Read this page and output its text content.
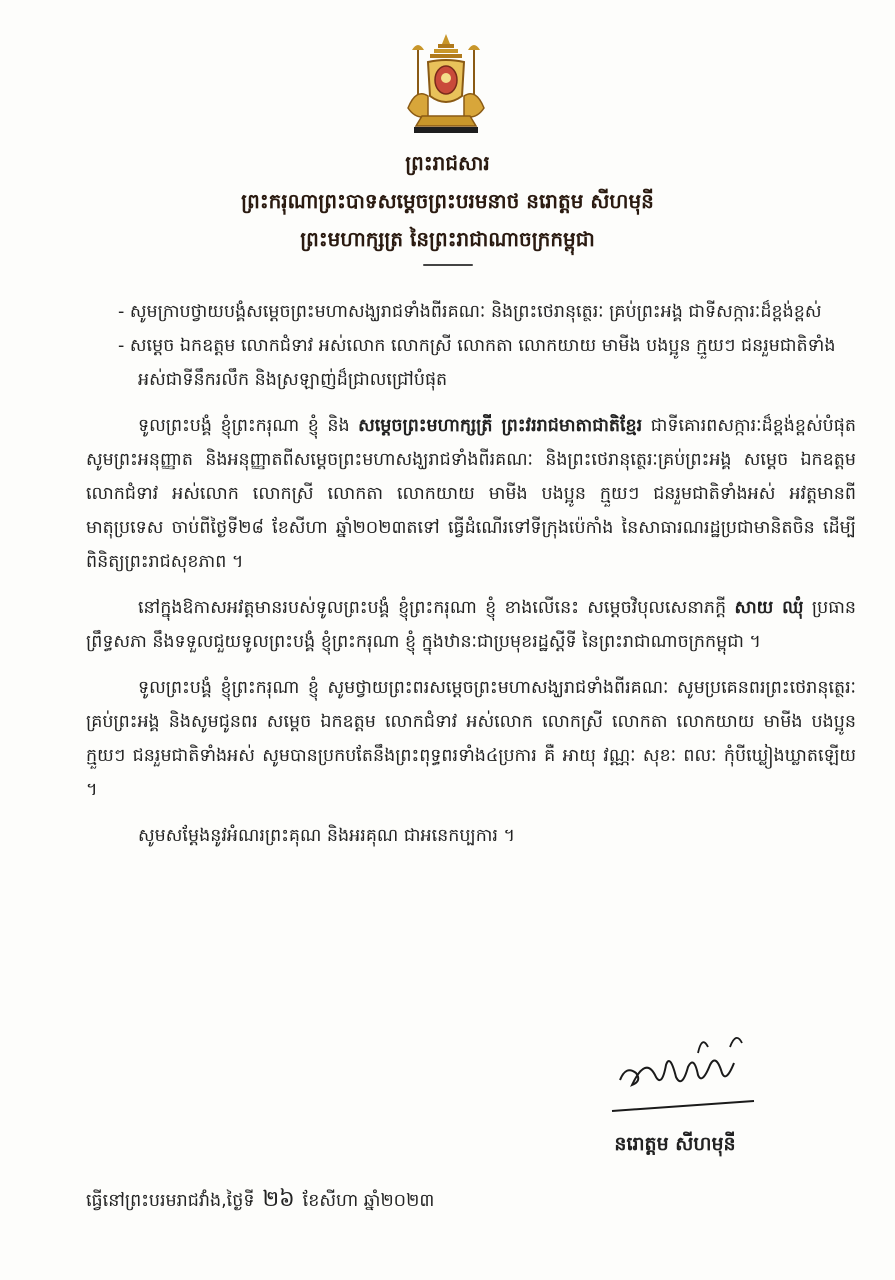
ព្រះរាជសារ
ព្រះករុណាព្រះបាទសម្តេចព្រះបរមនាថ នរោត្តម សីហមុនី
ព្រះមហាក្សត្រ នៃព្រះរាជាណាចក្រកម្ពុជា

- សូមក្រាបថ្វាយបង្គំសម្តេចព្រះមហាសង្ឃរាជទាំងពីរគណៈ និងព្រះថេរានុត្ថេរៈ គ្រប់ព្រះអង្គ ជាទីសក្ការៈដ៏ខ្ពង់ខ្ពស់

- សម្តេច ឯកឧត្តម លោកជំទាវ អស់លោក លោកស្រី លោកតា លោកយាយ មាមីង បងប្អូន ក្មួយៗ ជនរួមជាតិទាំងអស់ជាទីនឹករលឹក និងស្រឡាញ់ដ៏ជ្រាលជ្រៅបំផុត

ទូលព្រះបង្គំ ខ្ញុំព្រះករុណា ខ្ញុំ និង សម្តេចព្រះមហាក្សត្រី ព្រះវររាជមាតាជាតិខ្មែរ ជាទីគោរពសក្ការៈដ៏ខ្ពង់ខ្ពស់បំផុត សូមព្រះអនុញ្ញាត និងអនុញ្ញាតពីសម្តេចព្រះមហាសង្ឃរាជទាំងពីរគណៈ និងព្រះថេរានុត្ថេរៈគ្រប់ព្រះអង្គ សម្តេច ឯកឧត្តម លោកជំទាវ អស់លោក លោកស្រី លោកតា លោកយាយ មាមីង បងប្អូន ក្មួយៗ ជនរួមជាតិទាំងអស់ អវត្តមានពីមាតុប្រទេស ចាប់ពីថ្ងៃទី២៨ ខែសីហា ឆ្នាំ២០២៣តទៅ ធ្វើដំណើរទៅទីក្រុងប៉េកាំង នៃសាធារណរដ្ឋប្រជាមានិតចិន ដើម្បីពិនិត្យព្រះរាជសុខភាព ។

នៅក្នុងឱកាសអវត្តមានរបស់ទូលព្រះបង្គំ ខ្ញុំព្រះករុណា ខ្ញុំ ខាងលើនេះ សម្តេចវិបុលសេនាភក្តី សាយ ឈុំ ប្រធានព្រឹទ្ធសភា នឹងទទួលជួយទូលព្រះបង្គំ ខ្ញុំព្រះករុណា ខ្ញុំ ក្នុងឋានៈជាប្រមុខរដ្ឋស្តីទី នៃព្រះរាជាណាចក្រកម្ពុជា ។

ទូលព្រះបង្គំ ខ្ញុំព្រះករុណា ខ្ញុំ សូមថ្វាយព្រះពរសម្តេចព្រះមហាសង្ឃរាជទាំងពីរគណៈ សូមប្រគេនពរព្រះថេរានុត្ថេរៈគ្រប់ព្រះអង្គ និងសូមជូនពរ សម្តេច ឯកឧត្តម លោកជំទាវ អស់លោក លោកស្រី លោកតា លោកយាយ មាមីង បងប្អូន ក្មួយៗ ជនរួមជាតិទាំងអស់ សូមបានប្រកបតែនឹងព្រះពុទ្ធពរទាំង៤ប្រការ គឺ អាយុ វណ្ណៈ សុខៈ ពលៈ កុំបីឃ្លៀងឃ្លាតឡើយ ។

សូមសម្តែងនូវអំណរព្រះគុណ និងអរគុណ ជាអនេកប្បការ ។

នរោត្តម សីហមុនី
ធ្វើនៅព្រះបរមរាជវាំង,ថ្ងៃទី ២៦ ខែសីហា ឆ្នាំ២០២៣
